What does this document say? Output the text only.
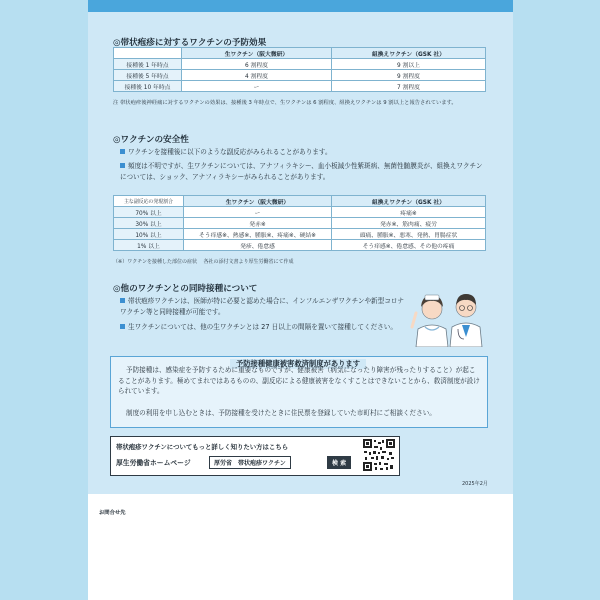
◎帯状疱疹に対するワクチンの予防効果
	生ワクチン（阪大微研）	組換えワクチン（GSK 社）
接種後 1 年時点	6 割程度	9 割以上
接種後 5 年時点	4 割程度	9 割程度
接種後 10 年時点	ー	7 割程度
注 帯状疱疹後神経痛に対するワクチンの効果は、接種後 3 年時点で、生ワクチンは 6 割程度、組換えワクチンは 9 割以上と報告されています。
◎ワクチンの安全性
ワクチンを接種後に以下のような副反応がみられることがあります。
頻度は不明ですが、生ワクチンについては、アナフィラキシー、血小板減少性紫斑病、無菌性髄膜炎が、組換えワクチンについては、ショック、アナフィラキシーがみられることがあります。
主な副反応の発現割合	生ワクチン（阪大微研）	組換えワクチン（GSK 社）
70% 以上	ー	疼痛※
30% 以上	発赤※	発赤※、筋肉痛、疲労
10% 以上	そう痒感※、熱感※、腫脹※、疼痛※、硬結※	頭痛、腫脹※、悪寒、発熱、胃腸症状
1% 以上	発疹、倦怠感	そう痒感※、倦怠感、その他の疼痛
（※）ワクチンを接種した部位の症状　 各社の添付文書より厚生労働省にて作成
◎他のワクチンとの同時接種について
帯状疱疹ワクチンは、医師が特に必要と認めた場合に、インフルエンザワクチンや新型コロナワクチン等と同時接種が可能です。
生ワクチンについては、他の生ワクチンとは 27 日以上の間隔を置いて接種してください。
予防接種健康被害救済制度があります
予防接種は、感染症を予防するために重要なものですが、健康被害（病気になったり障害が残ったりすること）が起こることがあります。極めてまれではあるものの、副反応による健康被害をなくすことはできないことから、救済制度が設けられています。
制度の利用を申し込むときは、予防接種を受けたときに住民票を登録していた市町村にご相談ください。
帯状疱疹ワクチンについてもっと詳しく知りたい方はこちら
厚生労働省ホームページ	厚労省　帯状疱疹ワクチン	検 索
2025年2月
お問合せ先
